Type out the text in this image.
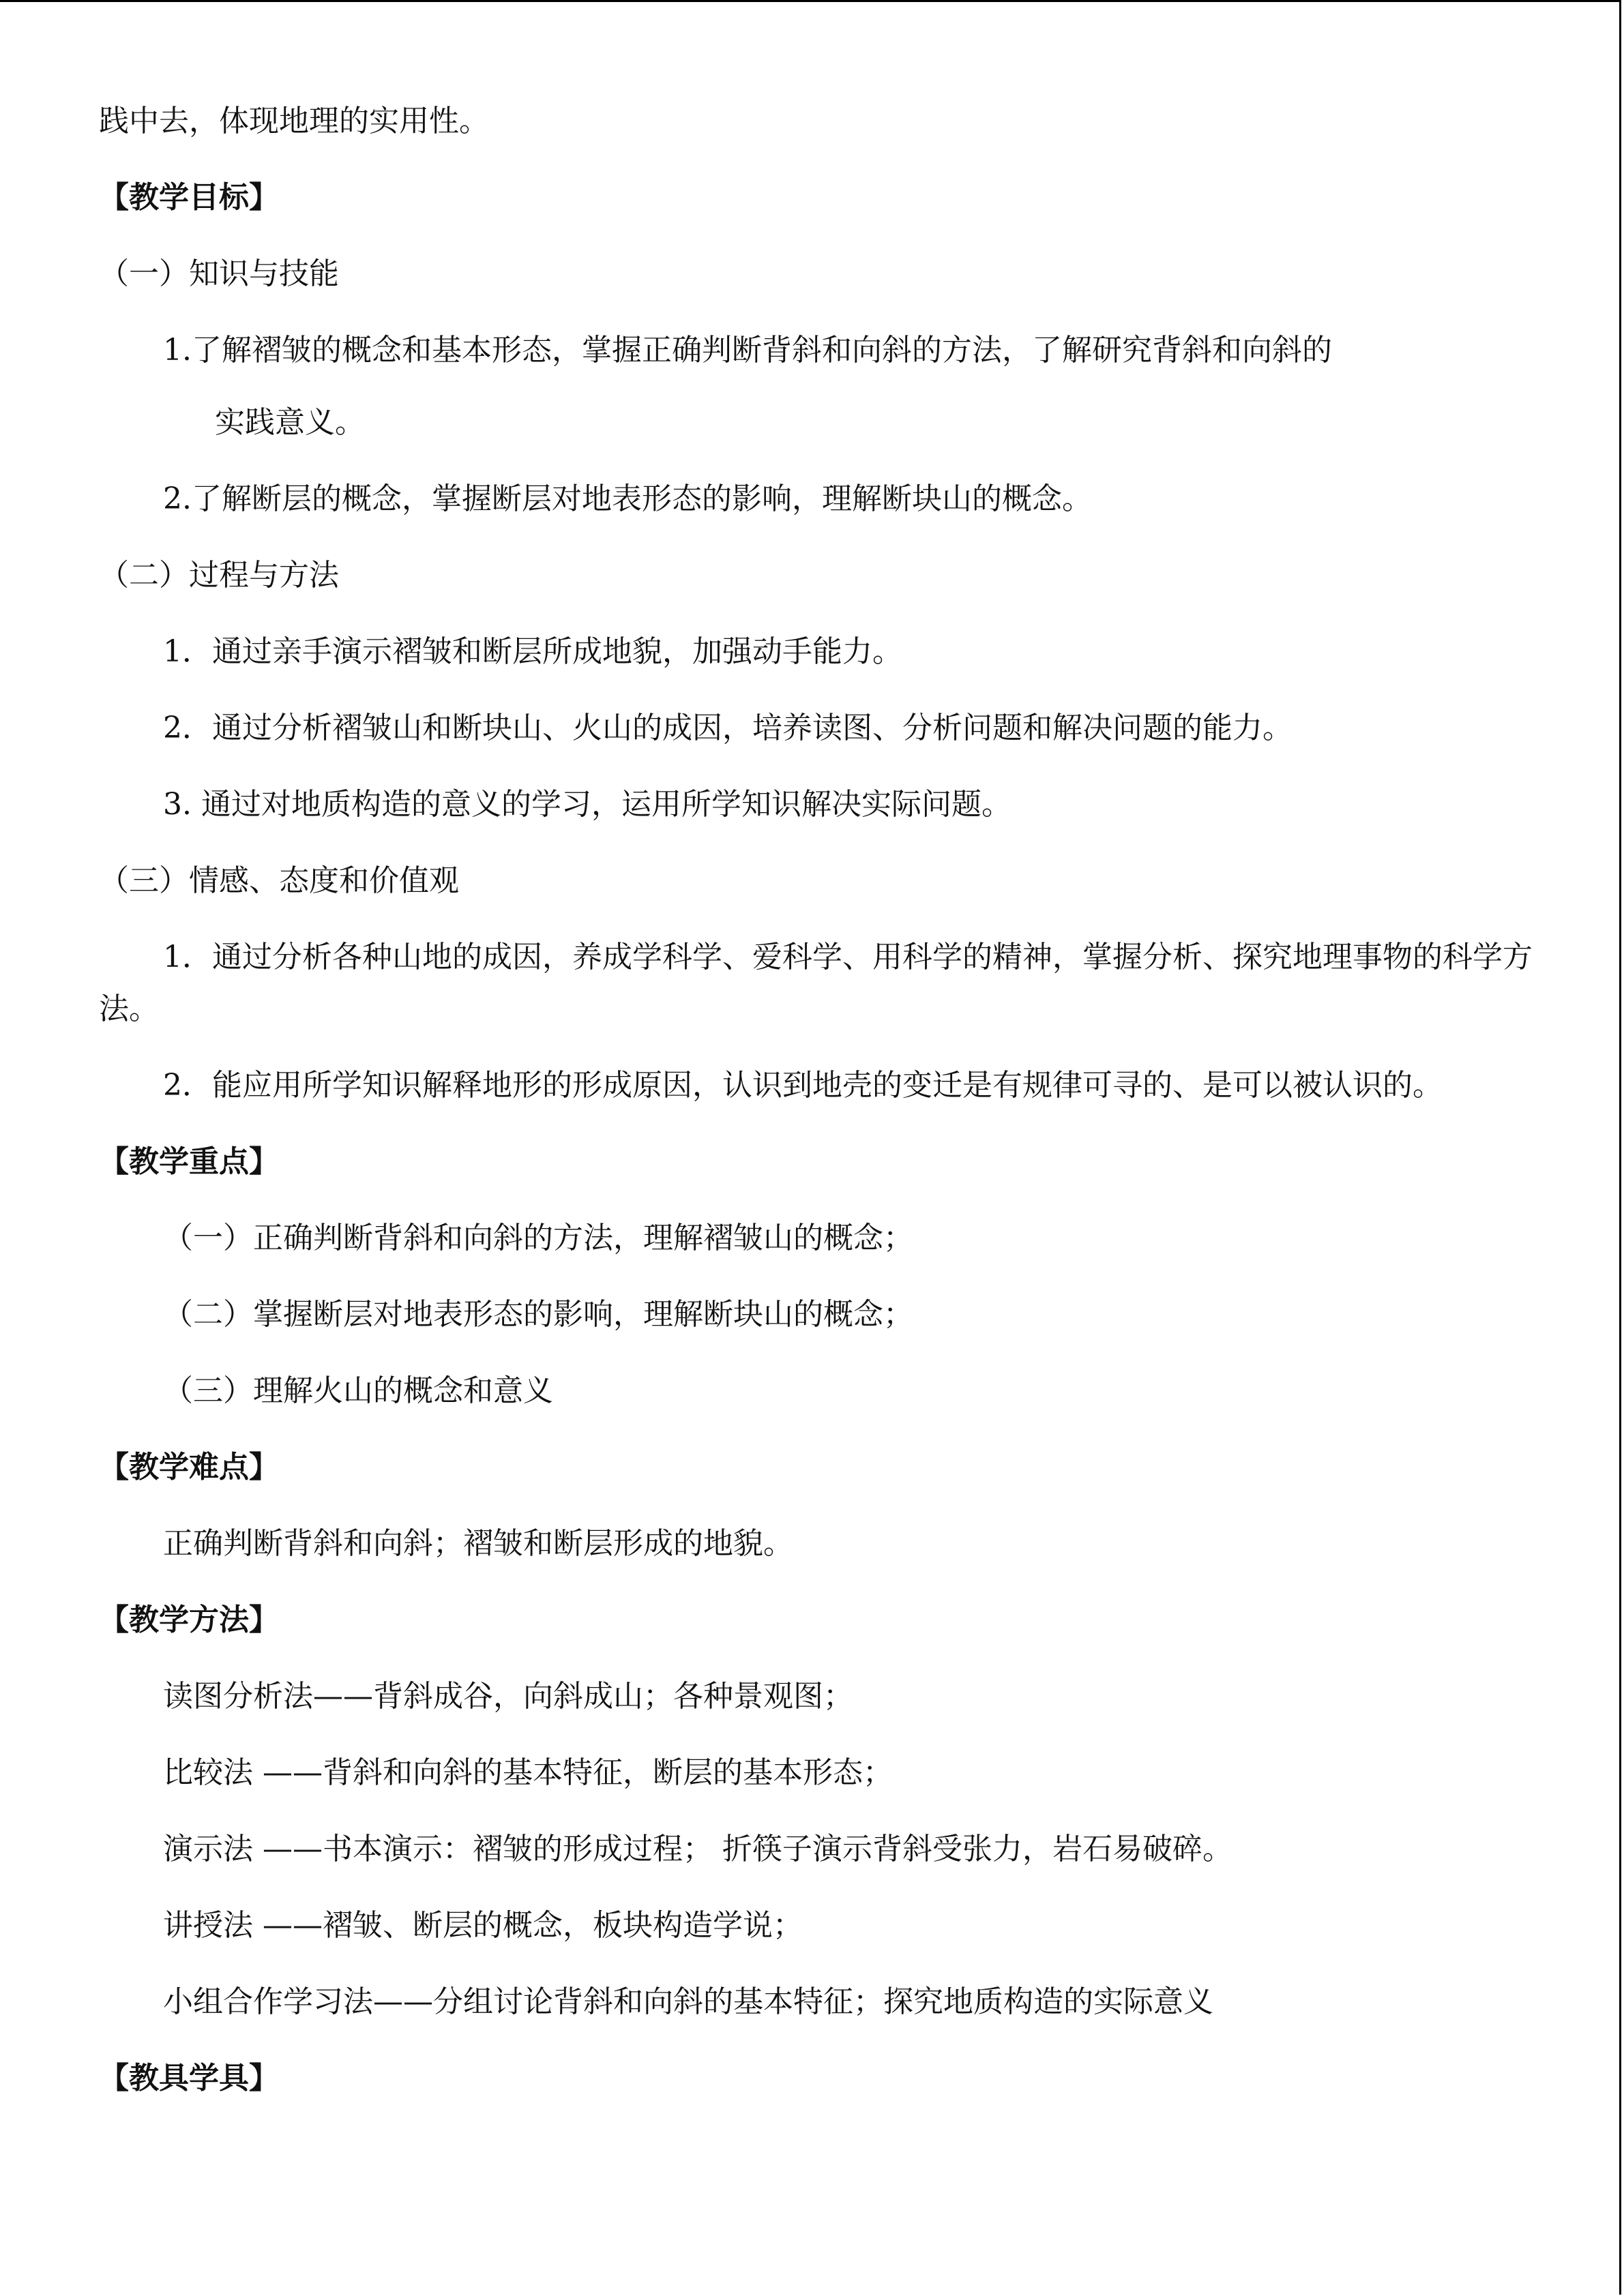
践中去，体现地理的实用性。
【教学目标】
（一）知识与技能
1.了解褶皱的概念和基本形态，掌握正确判断背斜和向斜的方法，了解研究背斜和向斜的
实践意义。
2.了解断层的概念，掌握断层对地表形态的影响，理解断块山的概念。
（二）过程与方法
1．通过亲手演示褶皱和断层所成地貌，加强动手能力。
2．通过分析褶皱山和断块山、火山的成因，培养读图、分析问题和解决问题的能力。
3. 通过对地质构造的意义的学习，运用所学知识解决实际问题。
（三）情感、态度和价值观
1．通过分析各种山地的成因，养成学科学、爱科学、用科学的精神，掌握分析、探究地理事物的科学方法。
2．能应用所学知识解释地形的形成原因，认识到地壳的变迁是有规律可寻的、是可以被认识的。
【教学重点】
（一）正确判断背斜和向斜的方法，理解褶皱山的概念；
（二）掌握断层对地表形态的影响，理解断块山的概念；
（三）理解火山的概念和意义
【教学难点】
正确判断背斜和向斜；褶皱和断层形成的地貌。
【教学方法】
读图分析法——背斜成谷，向斜成山；各种景观图；
比较法 ——背斜和向斜的基本特征，断层的基本形态；
演示法 ——书本演示：褶皱的形成过程； 折筷子演示背斜受张力，岩石易破碎。
讲授法 ——褶皱、断层的概念，板块构造学说；
小组合作学习法——分组讨论背斜和向斜的基本特征；探究地质构造的实际意义
【教具学具】
